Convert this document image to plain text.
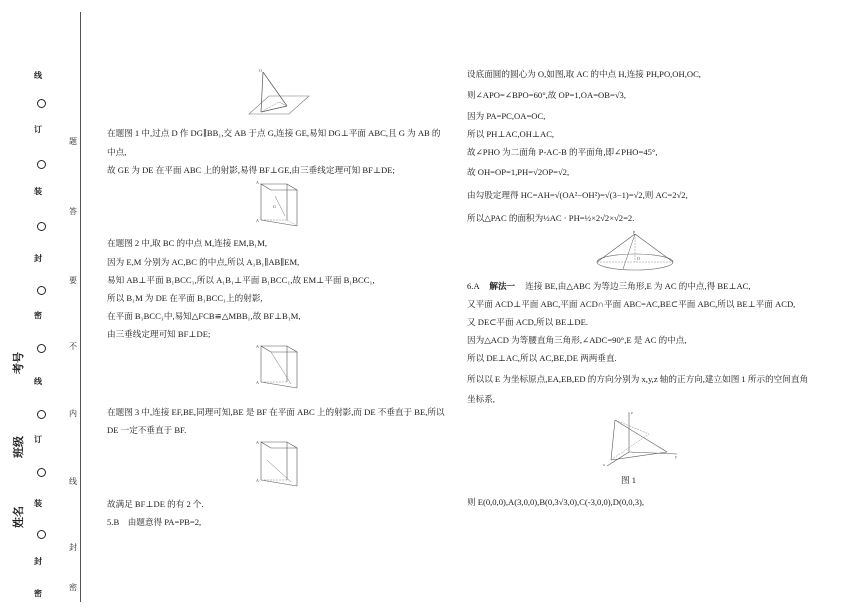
线
订
装
封
密
线
订
装
封
密
考号
班级
姓名
题
答
要
不
内
线
封
密
O

在题图 1 中,过点 D 作 DG∥BB₁,交 AB 于点 G,连接 GE,易知 DG⊥平面 ABC,且 G 为 AB 的

中点,

故 GE 为 DE 在平面 ABC 上的射影,易得 BF⊥GE,由三垂线定理可知 BF⊥DE;

A
A
G

在题图 2 中,取 BC 的中点 M,连接 EM,B₁M,

因为 E,M 分别为 AC,BC 的中点,所以 A₁B₁∥AB∥EM,

易知 AB⊥平面 B₁BCC₁,所以 A₁B₁⊥平面 B₁BCC₁,故 EM⊥平面 B₁BCC₁,

所以 B₁M 为 DE 在平面 B₁BCC₁上的射影,

在平面 B₁BCC₁中,易知△FCB≌△MBB₁,故 BF⊥B₁M,

由三垂线定理可知 BF⊥DE;

A
A

在题图 3 中,连接 EF,BE,同理可知,BE 是 BF 在平面 ABC 上的射影,而 DE 不垂直于 BE,所以

DE 一定不垂直于 BF.

A
A

故满足 BF⊥DE 的有 2 个.

5.B　由题意得 PA=PB=2,

设底面圆的圆心为 O,如图,取 AC 的中点 H,连接 PH,PO,OH,OC,

则∠APO=∠BPO=60°,故 OP=1,OA=OB=√3,

因为 PA=PC,OA=OC,

所以 PH⊥AC,OH⊥AC,

故∠PHO 为二面角 P-AC-B 的平面角,即∠PHO=45°,

故 OH=OP=1,PH=√2OP=√2,

由勾股定理得 HC=AH=√(OA²−OH²)=√(3−1)=√2,则 AC=2√2,

所以△PAC 的面积为½AC · PH=½×2√2×√2=2.

P
O

6.A 解法一 连接 BE,由△ABC 为等边三角形,E 为 AC 的中点,得 BE⊥AC,

又平面 ACD⊥平面 ABC,平面 ACD∩平面 ABC=AC,BE⊂平面 ABC,所以 BE⊥平面 ACD,

又 DE⊂平面 ACD,所以 BE⊥DE.

因为△ACD 为等腰直角三角形,∠ADC=90°,E 是 AC 的中点,

所以 DE⊥AC,所以 AC,BE,DE 两两垂直.

所以以 E 为坐标原点,EA,EB,ED 的方向分别为 x,y,z 轴的正方向,建立如图 1 所示的空间直角

坐标系,

z
y
x

图 1

则 E(0,0,0),A(3,0,0),B(0,3√3,0),C(-3,0,0),D(0,0,3),
